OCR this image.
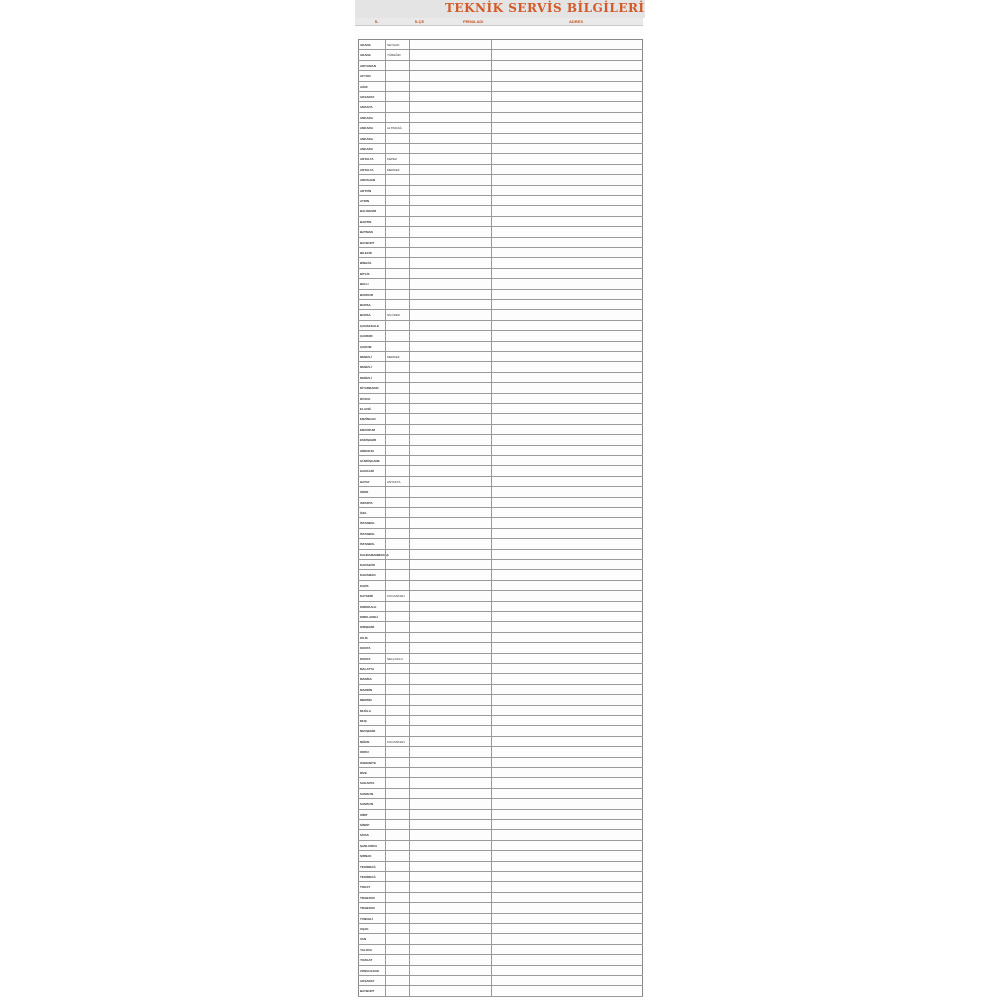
TEKNİK SERVİS BİLGİLERİ
İL	İLÇE	FİRMA ADI	ADRES
ADANA	SEYHAN
ADANA	YÜREĞİR
ADIYAMAN
AFYON
AĞRI
AKSARAY
AMASYA
ANKARA
ANKARA	ALTINDAĞ
ANKARA
ANKARA
ANTALYA	KEPEZ
ANTALYA	MERKEZ
ARDAHAN
ARTVİN
AYDIN
BALIKESİR
BARTIN
BATMAN
BAYBURT
BİLECİK
BİNGÖL
BİTLİS
BOLU
BURDUR
BURSA
BURSA	NİLÜFER
ÇANAKKALE
ÇANKIRI
ÇORUM
DENİZLİ	MERKEZ
DENİZLİ
DENİZLİ
DİYARBAKIR
DÜZCE
ELAZIĞ
ERZİNCAN
ERZURUM
ESKİŞEHİR
GİRESUN
GÜMÜŞHANE
HAKKARİ
HATAY	ANTAKYA
IĞDIR
ISPARTA
İÇEL
İSTANBUL
İSTANBUL
İSTANBUL
KAHRAMANMARAŞ
KARABÜK
KARAMAN
KARS
KAYSERİ	KOCASİNAN
KIRIKKALE
KIRKLARELİ
KIRŞEHİR
KİLİS
KONYA
KONYA	SELÇUKLU
MALATYA
MANİSA
MARDİN
MERSİN
MUĞLA
MUŞ
NEVŞEHİR
NİĞDE	KOCASİNAN
ORDU
OSMANİYE
RİZE
SAKARYA
SAMSUN
SAMSUN
SİİRT
SİNOP
SİVAS
ŞANLIURFA
ŞIRNAK
TEKİRDAĞ
TEKİRDAĞ
TOKAT
TRABZON
TRABZON
TUNCELİ
UŞAK
VAN
YALOVA
YOZGAT
ZONGULDAK
AKSARAY
BAYBURT
